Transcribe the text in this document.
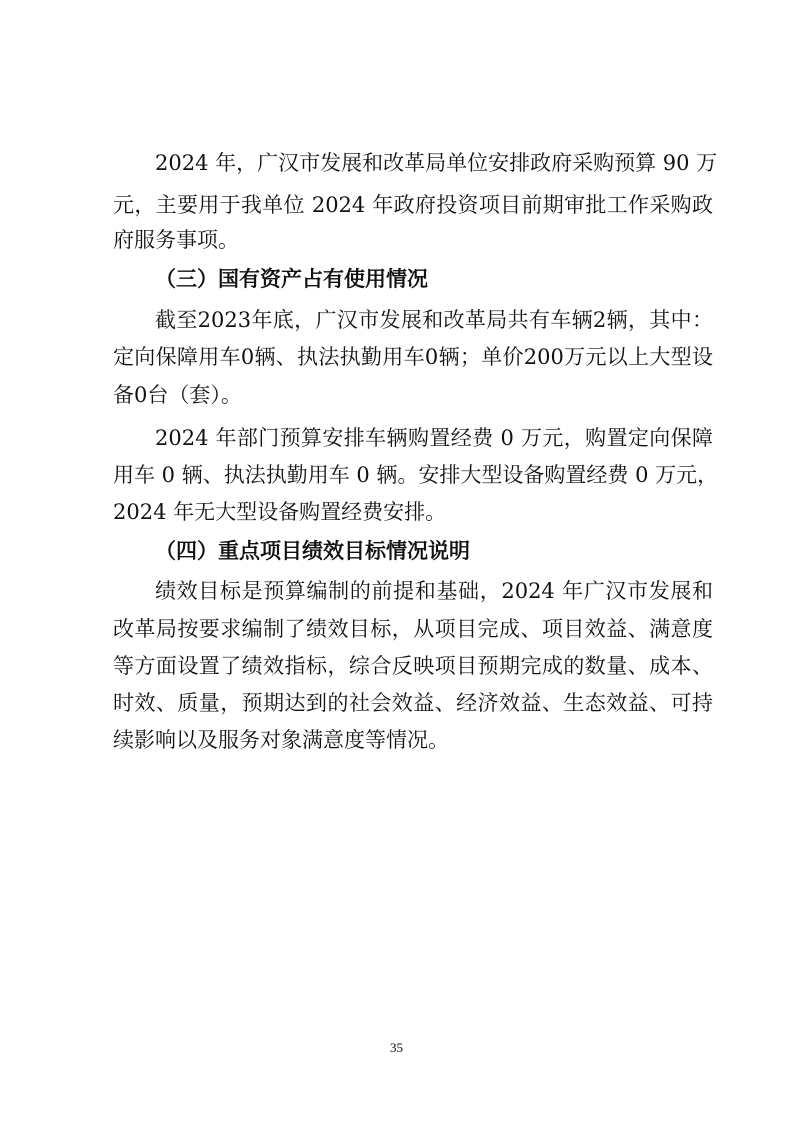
2024 年，广汉市发展和改革局单位安排政府采购预算 90 万
元，主要用于我单位 2024 年政府投资项目前期审批工作采购政
府服务事项。
（三）国有资产占有使用情况
截至2023年底，广汉市发展和改革局共有车辆2辆，其中：
定向保障用车0辆、执法执勤用车0辆；单价200万元以上大型设
备0台（套）。
2024 年部门预算安排车辆购置经费 0 万元，购置定向保障
用车 0 辆、执法执勤用车 0 辆。安排大型设备购置经费 0 万元，
2024 年无大型设备购置经费安排。
（四）重点项目绩效目标情况说明
绩效目标是预算编制的前提和基础，2024 年广汉市发展和
改革局按要求编制了绩效目标，从项目完成、项目效益、满意度
等方面设置了绩效指标，综合反映项目预期完成的数量、成本、
时效、质量，预期达到的社会效益、经济效益、生态效益、可持
续影响以及服务对象满意度等情况。
35
